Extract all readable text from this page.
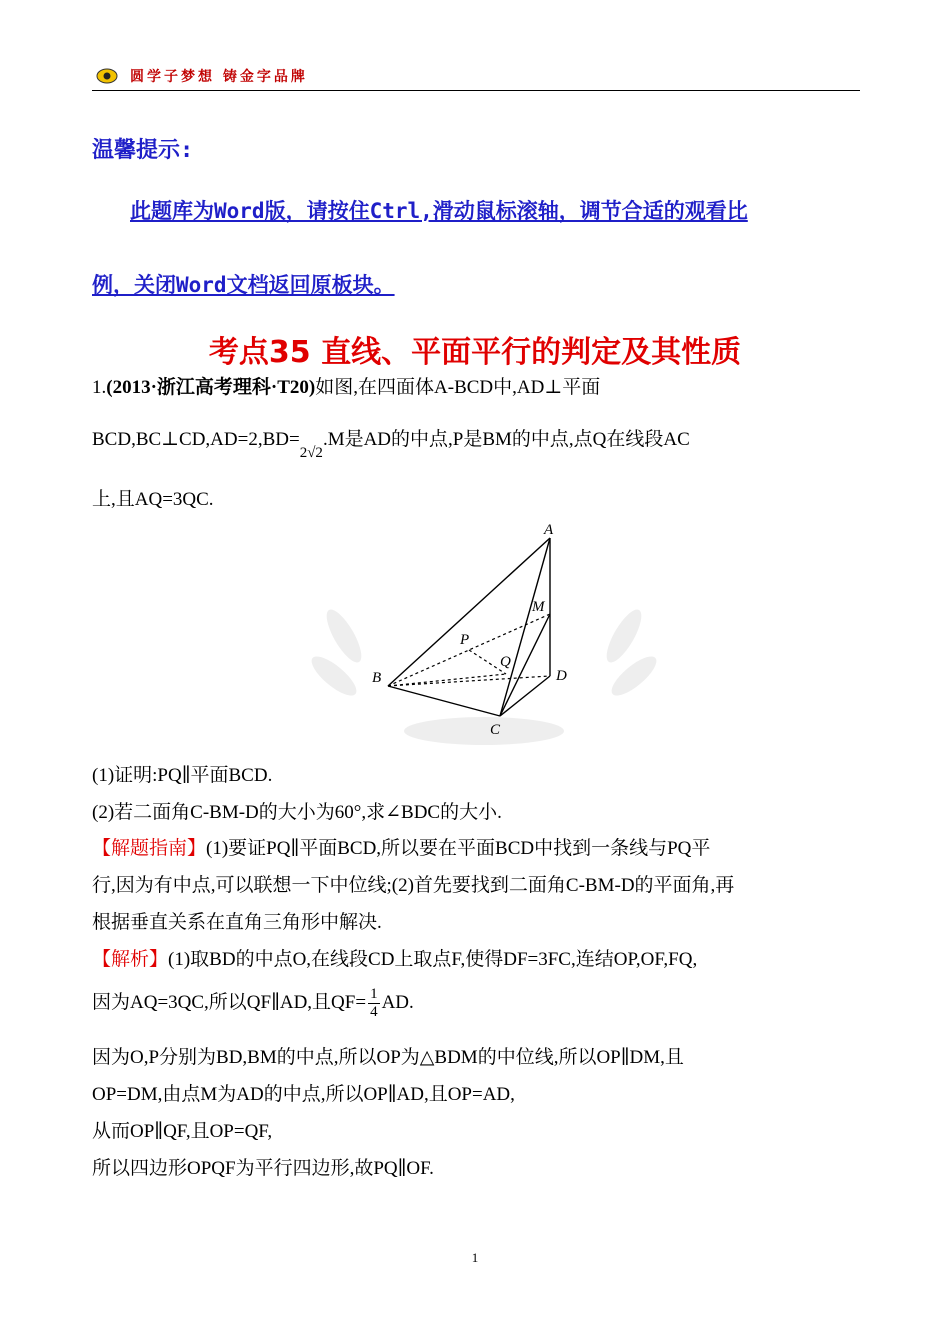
圆学子梦想 铸金字品牌
温馨提示:
此题库为Word版，请按住Ctrl,滑动鼠标滚轴，调节合适的观看比
例，关闭Word文档返回原板块。
考点35 直线、平面平行的判定及其性质
1.(2013·浙江高考理科·T20)如图,在四面体A-BCD中,AD⊥平面
$BCD,BC\perp CD,AD=2,BD=_{2√2}.M$是AD的中点,P是BM的中点,点Q在线段AC
上,且AQ=3QC.
A
B
C
D
M
P
Q
(1)证明:PQ∥平面BCD.
(2)若二面角C-BM-D的大小为60°,求∠BDC的大小.
【解题指南】(1)要证PQ∥平面BCD,所以要在平面BCD中找到一条线与PQ平
行,因为有中点,可以联想一下中位线;(2)首先要找到二面角C-BM-D的平面角,再
根据垂直关系在直角三角形中解决.
【解析】(1)取BD的中点O,在线段CD上取点F,使得DF=3FC,连结OP,OF,FQ,
因为AQ=3QC,所以QF∥AD,且$QF= \frac{1}{4}$ AD.
因为O,P分别为BD,BM的中点,所以OP为△BDM的中位线,所以OP∥DM,且
OP=DM,由点M为AD的中点,所以OP∥AD,且OP=AD,
从而OP∥QF,且OP=QF,
所以四边形OPQF为平行四边形,故PQ∥OF.
1
